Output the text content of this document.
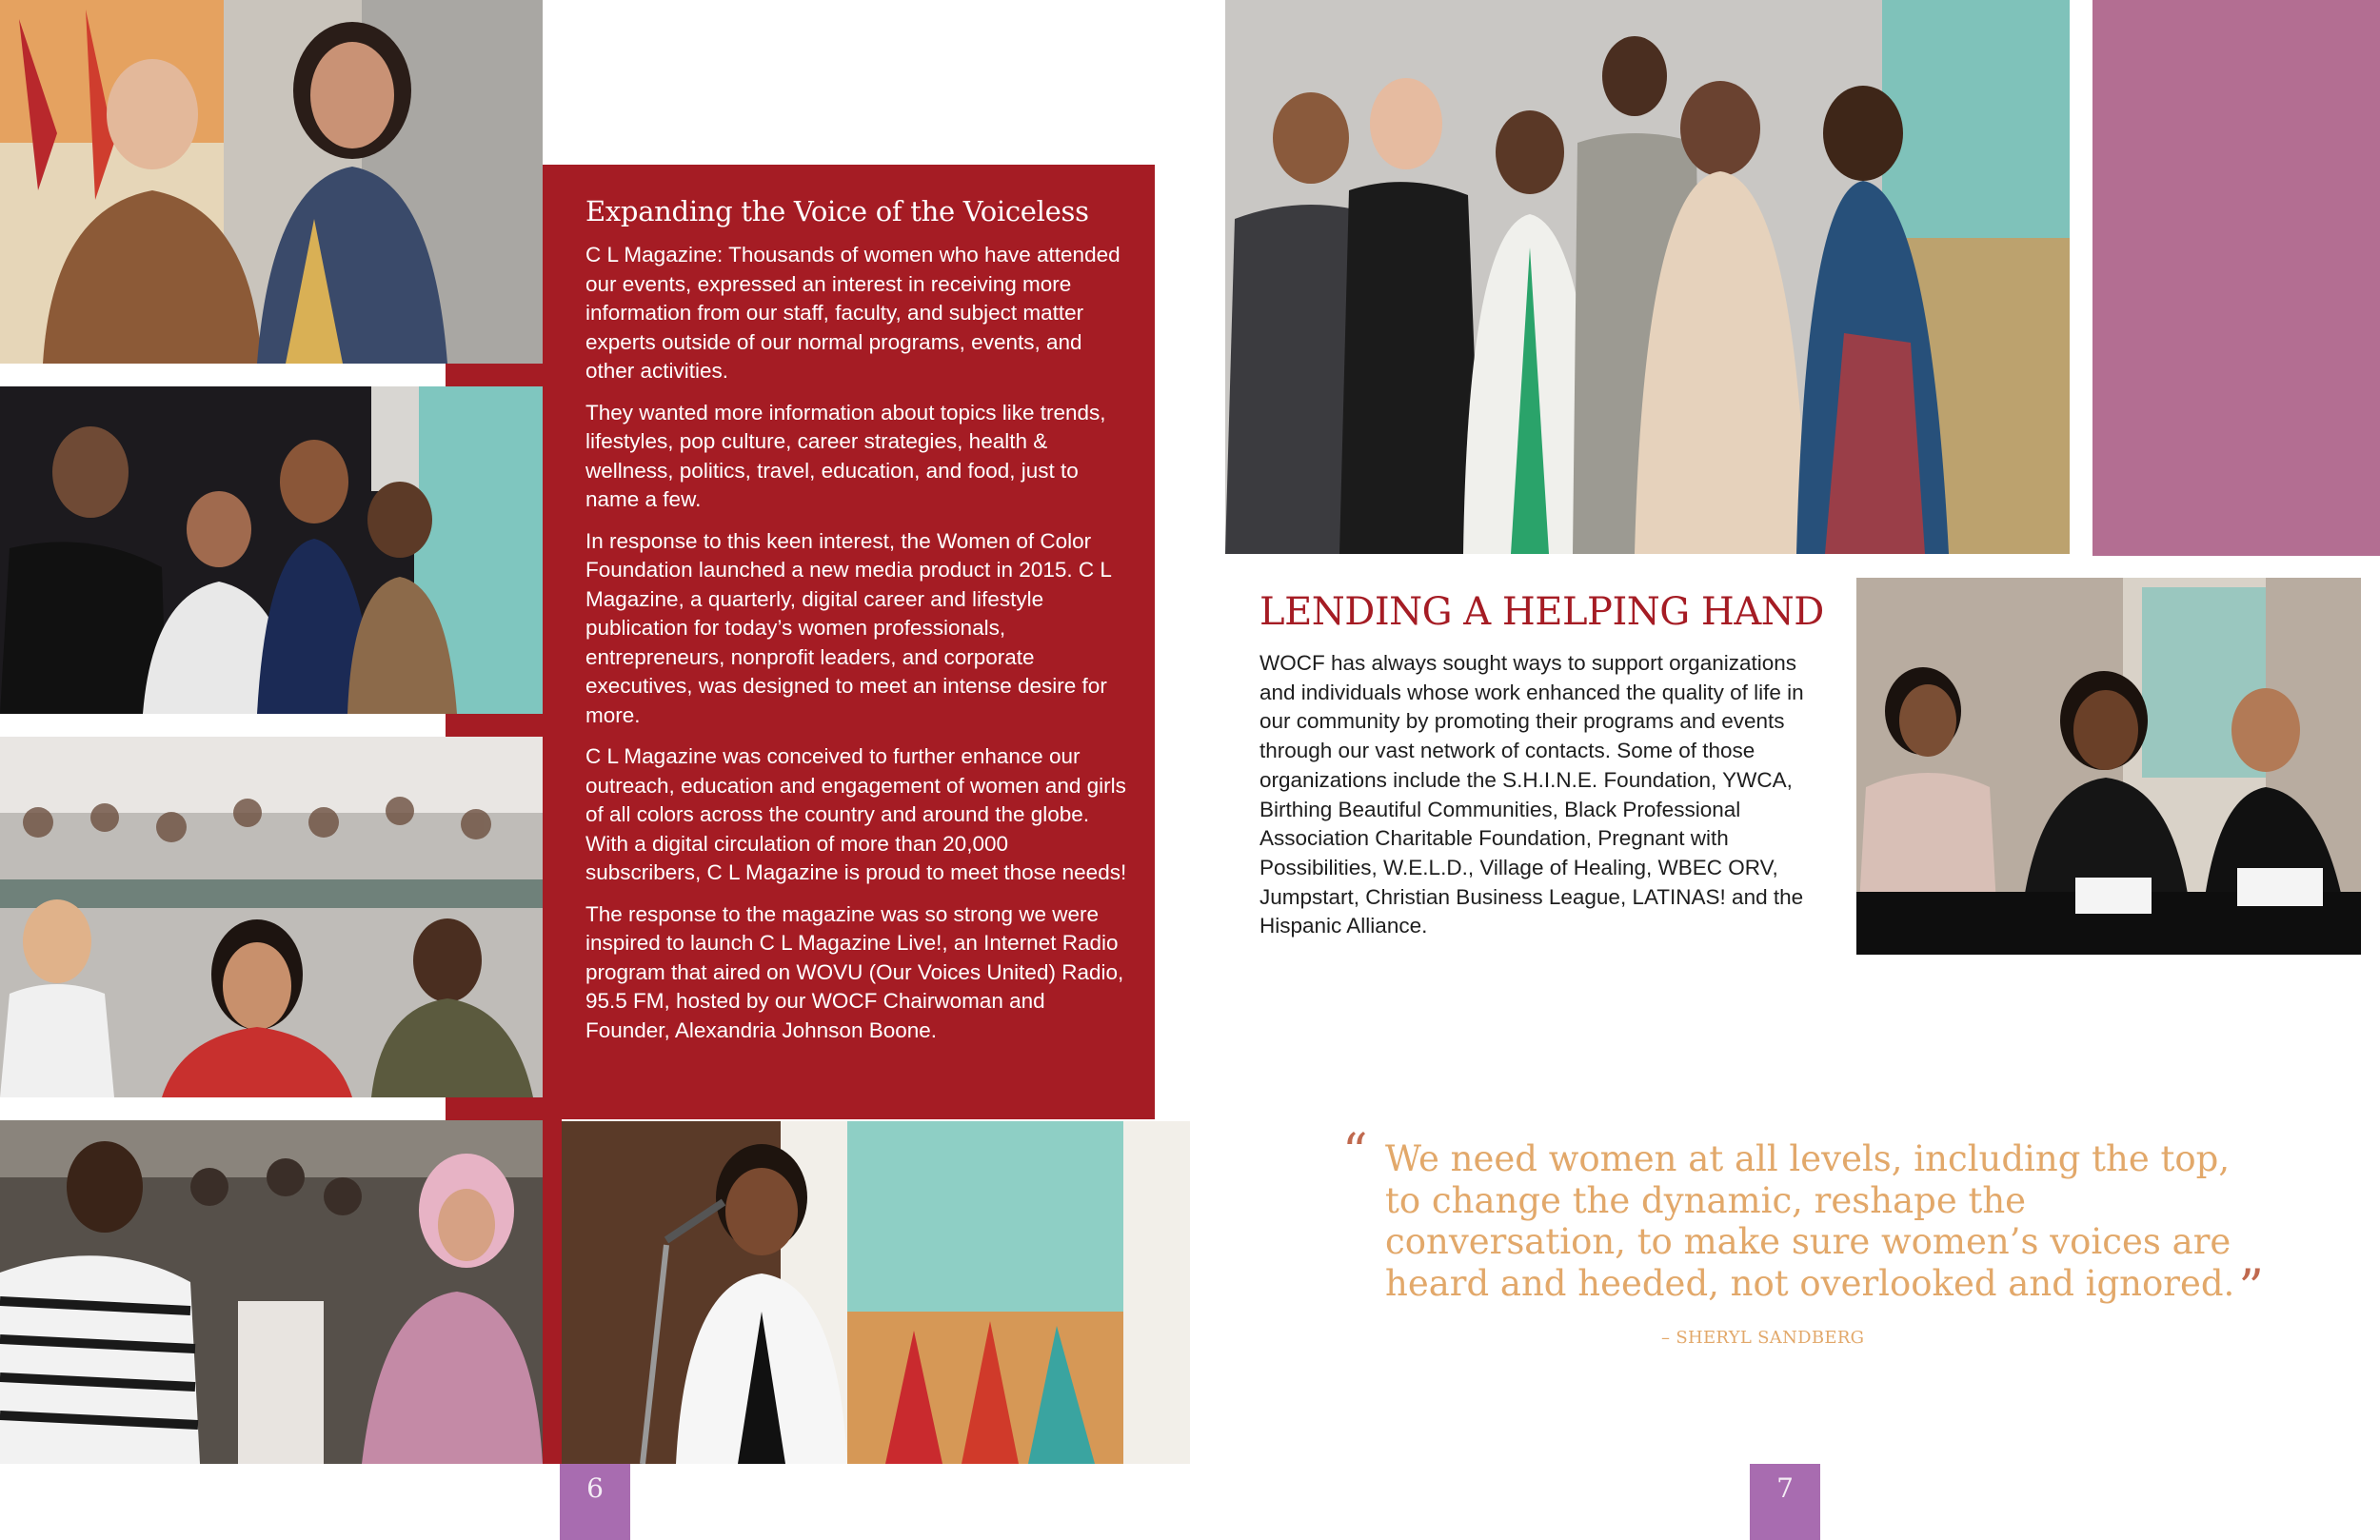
Expanding the Voice of the Voiceless

C L Magazine: Thousands of women who have attended our events, expressed an interest in receiving more information from our staff, faculty, and subject matter experts outside of our normal programs, events, and other activities.

They wanted more information about topics like trends, lifestyles, pop culture, career strategies, health & wellness, politics, travel, education, and food, just to name a few.

In response to this keen interest, the Women of Color Foundation launched a new media product in 2015. C L Magazine, a quarterly, digital career and lifestyle publication for today’s women professionals, entrepreneurs, nonprofit leaders, and corporate executives, was designed to meet an intense desire for more.

C L Magazine was conceived to further enhance our outreach, education and engagement of women and girls of all colors across the country and around the globe. With a digital circulation of more than 20,000 subscribers, C L Magazine is proud to meet those needs!

The response to the magazine was so strong we were inspired to launch C L Magazine Live!, an Internet Radio program that aired on WOVU (Our Voices United) Radio, 95.5 FM, hosted by our WOCF Chairwoman and Founder, Alexandria Johnson Boone.

6
LENDING A HELPING HAND

WOCF has always sought ways to support organizations and individuals whose work enhanced the quality of life in our community by promoting their programs and events through our vast network of contacts. Some of those organizations include the S.H.I.N.E. Foundation, YWCA, Birthing Beautiful Communities, Black Professional Association Charitable Foundation, Pregnant with Possibilities, W.E.L.D., Village of Healing, WBEC ORV, Jumpstart, Christian Business League, LATINAS! and the Hispanic Alliance.

“ We need women at all levels, including the top, to change the dynamic, reshape the conversation, to make sure women’s voices are heard and heeded, not overlooked and ignored.”
– SHERYL SANDBERG
7
